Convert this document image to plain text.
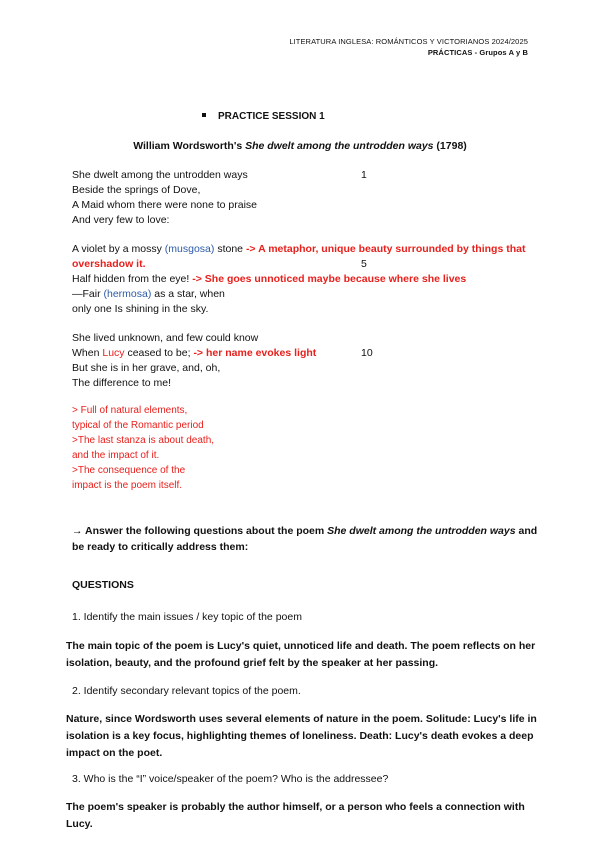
LITERATURA INGLESA: ROMÁNTICOS Y VICTORIANOS 2024/2025
PRÁCTICAS - Grupos A y B
PRACTICE SESSION 1
William Wordsworth's She dwelt among the untrodden ways (1798)
She dwelt among the untrodden ways	1
Beside the springs of Dove,
A Maid whom there were none to praise
And very few to love:
A violet by a mossy (musgosa) stone -> A metaphor, unique beauty surrounded by things that
overshadow it.	5
Half hidden from the eye! -> She goes unnoticed maybe because where she lives
—Fair (hermosa) as a star, when
only one Is shining in the sky.
She lived unknown, and few could know
When Lucy ceased to be; -> her name evokes light	10
But she is in her grave, and, oh,
The difference to me!
> Full of natural elements,
typical of the Romantic period
>The last stanza is about death,
and the impact of it.
>The consequence of the
impact is the poem itself.
→ Answer the following questions about the poem She dwelt among the untrodden ways and
be ready to critically address them:
QUESTIONS
1. Identify the main issues / key topic of the poem
The main topic of the poem is Lucy's quiet, unnoticed life and death. The poem reflects on her isolation, beauty, and the profound grief felt by the speaker at her passing.
2. Identify secondary relevant topics of the poem.
Nature, since Wordsworth uses several elements of nature in the poem. Solitude: Lucy's life in isolation is a key focus, highlighting themes of loneliness. Death: Lucy's death evokes a deep impact on the poet.
3. Who is the “I” voice/speaker of the poem? Who is the addressee?
The poem's speaker is probably the author himself, or a person who feels a connection with Lucy.
